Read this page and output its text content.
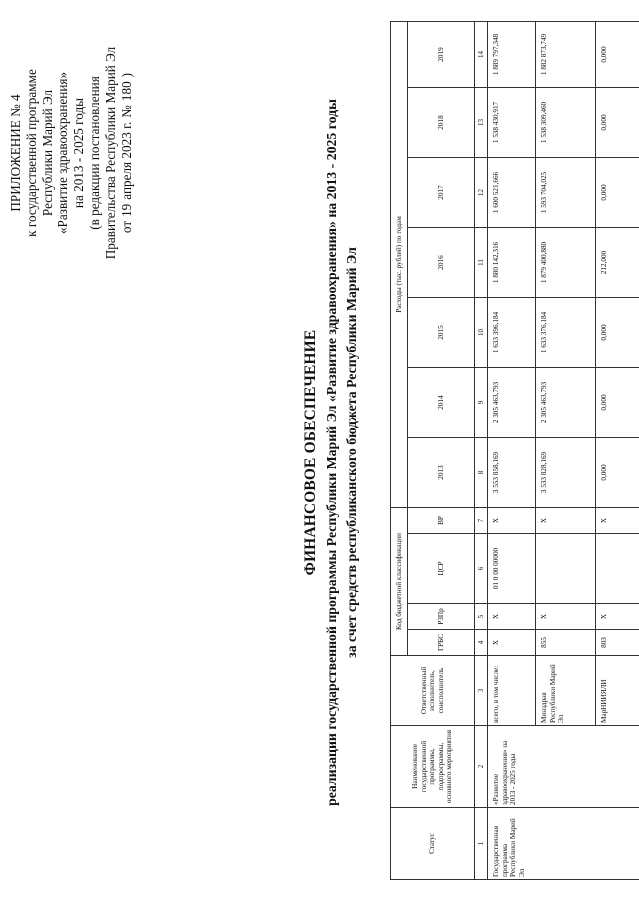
ПРИЛОЖЕНИЕ № 4 к государственной программе Республики Марий Эл «Развитие здравоохранения» на 2013 - 2025 годы (в редакции постановления Правительства Республики Марий Эл от
19
апреля 2023 г.
№
180
)
ФИНАНСОВОЕ ОБЕСПЕЧЕНИЕ реализации государственной программы Республики Марий Эл «Развитие здравоохранения» на 2013 - 2025 годы за счет средств республиканского бюджета Республики Марий Эл
Статус	Наименование государственной программы, подпрограммы, основного мероприятия	Ответственный исполнитель, соисполнитель	Код бюджетной классификации				Расходы (тыс. рублей) по годам						
			ГРБС	РЗПр	ЦСР	ВР	2013	2014	2015	2016	2017	2018	2019
1	2	3	4	5	6	7	8	9	10	11	12	13	14
Государственная программа Республики Марий Эл	«Развитие здравоохранения» на 2013 - 2025 годы	всего, в том числе:	Х	Х	01 0 00 00000	Х	3 553 858,169	2 305 463,793	1 633 396,184	1 880 142,316	1 600 521,666	1 538 430,917	1 889 797,348
		Минздрав Республики Марий Эл	855	Х		Х	3 533 828,169	2 305 463,793	1 633 376,184	1 879 400,880	1 593 704,025	1 538 309,460	1 882 873,749
		МарНИИЯЛИ	803	Х		Х	0,000	0,000	0,000	212,000	0,000	0,000	0,000
